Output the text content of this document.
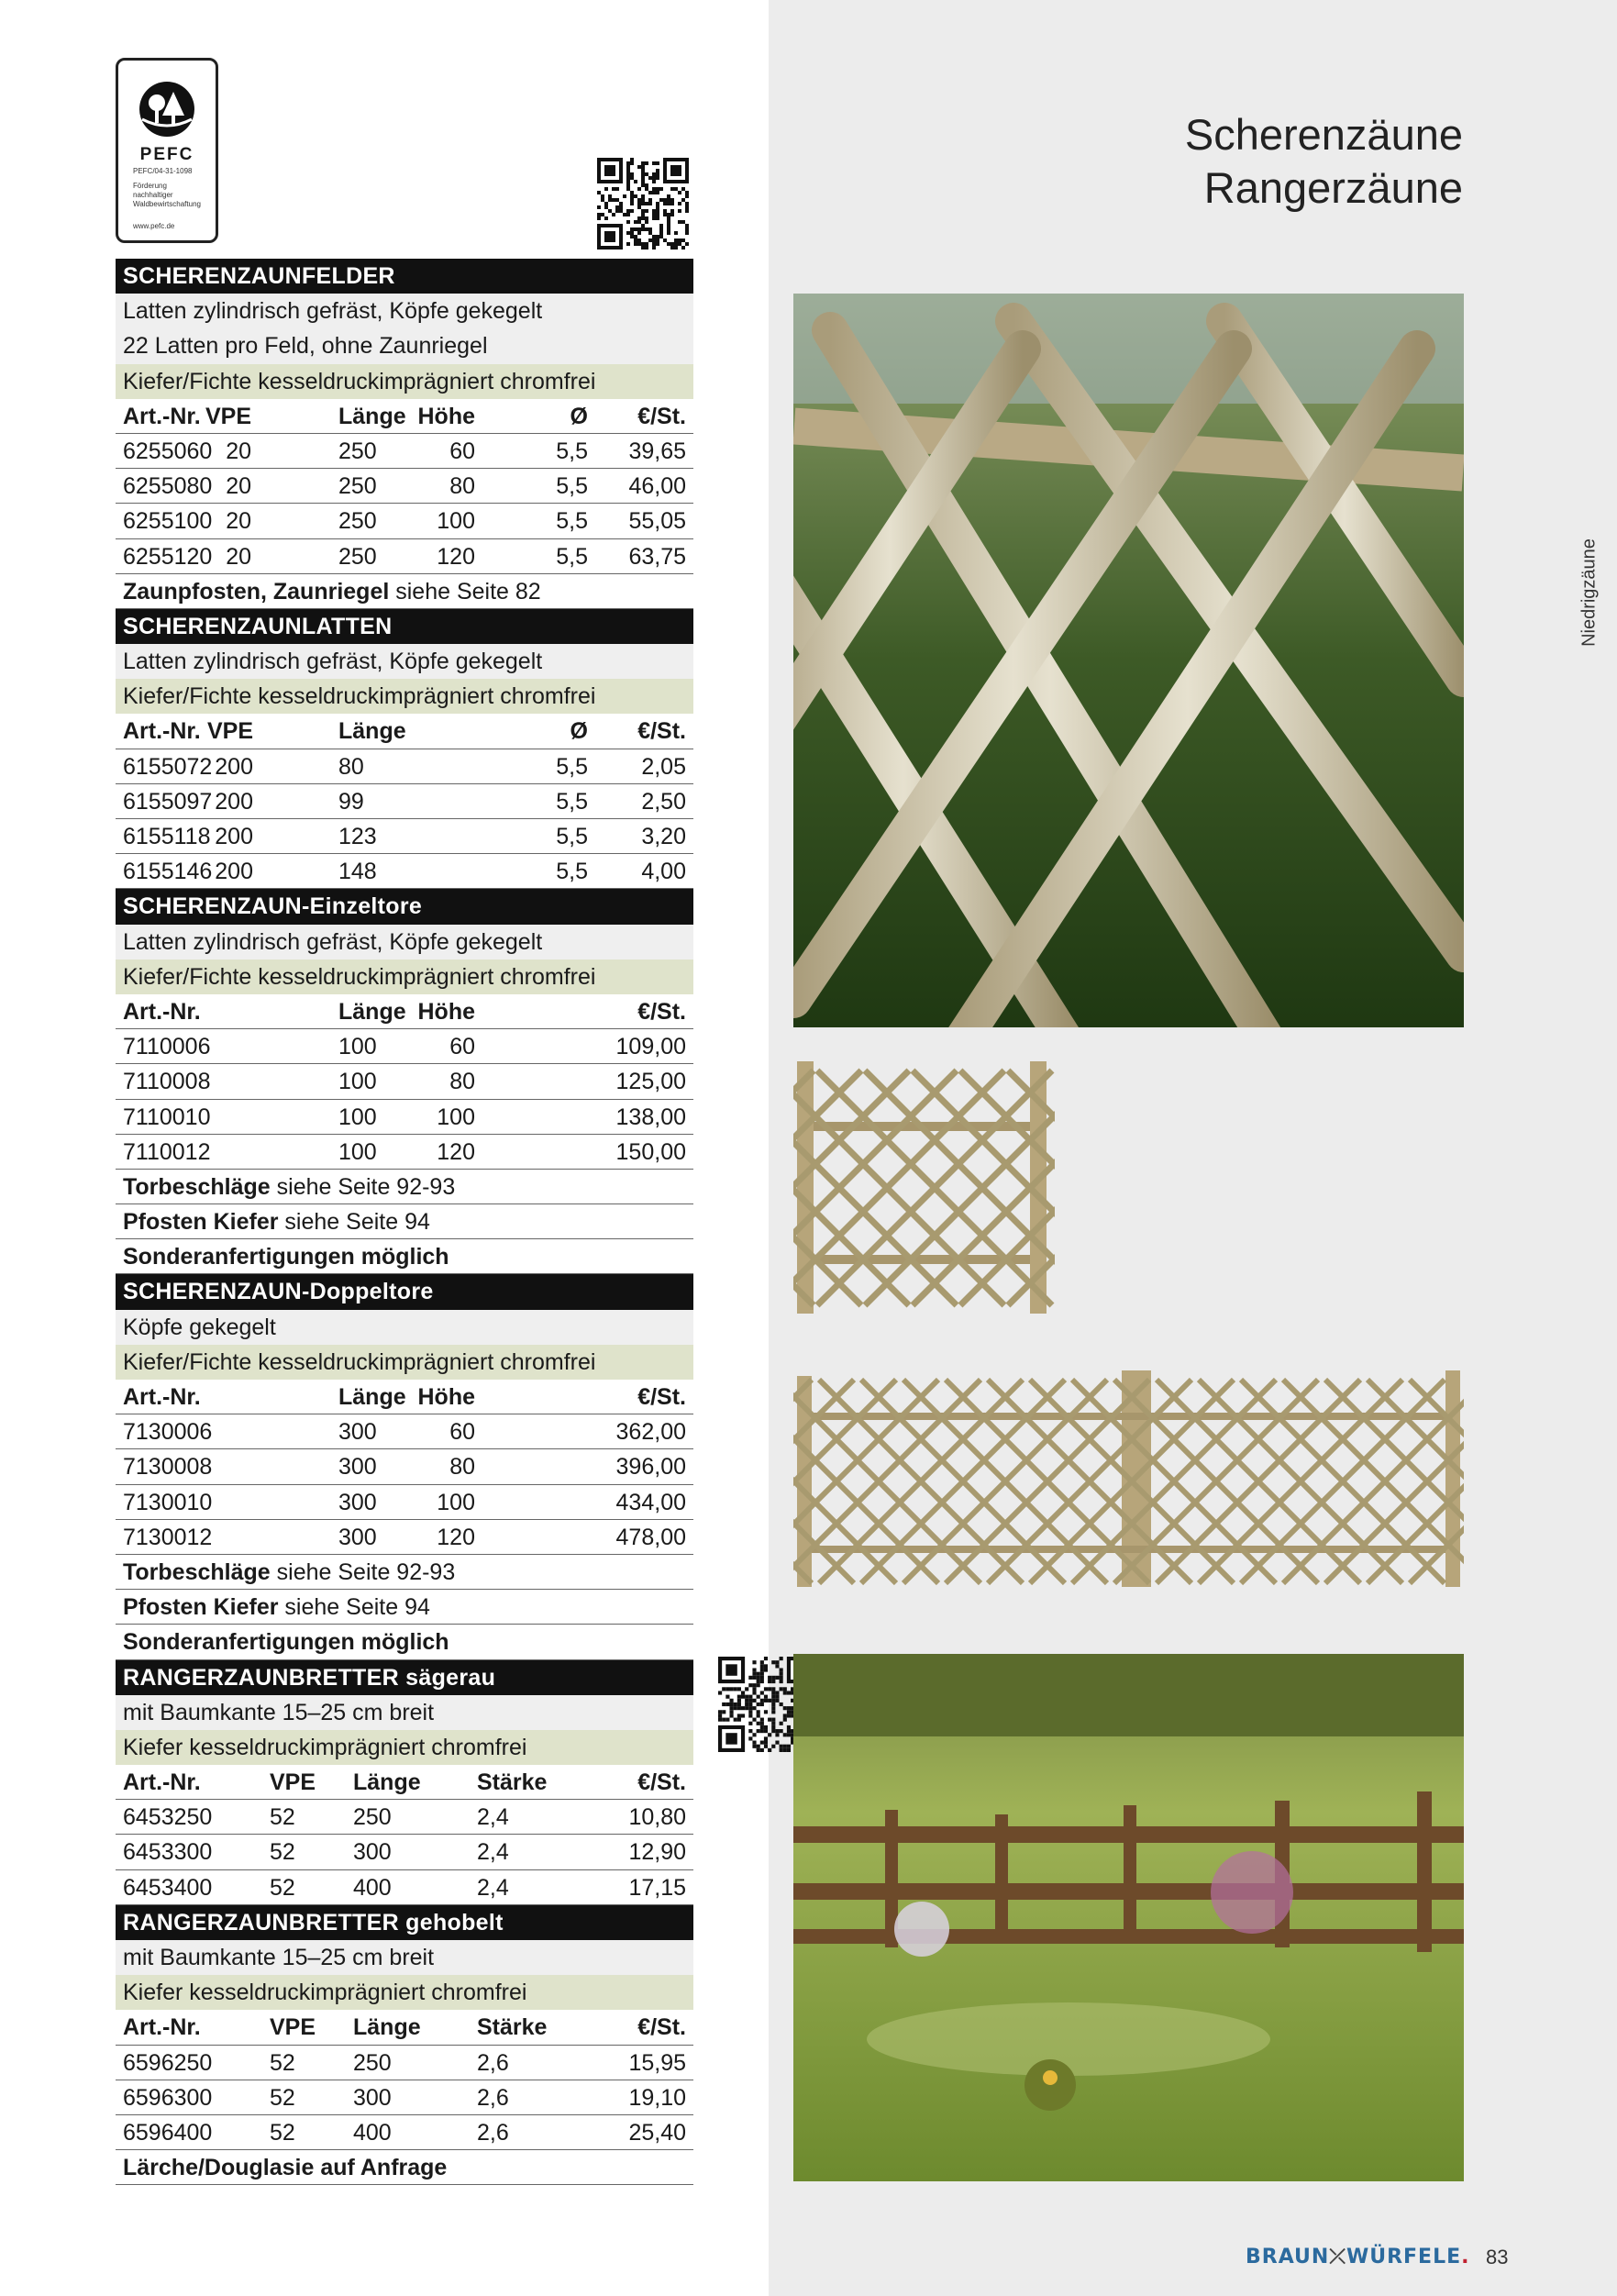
PEFC
PEFC/04-31-1098
Förderung
nachhaltiger
Waldbewirtschaftung
www.pefc.de
Scherenzäune
Rangerzäune
Niedrigzäune
SCHERENZAUNFELDER
Latten zylindrisch gefräst, Köpfe gekegelt
22 Latten pro Feld, ohne Zaunriegel
Kiefer/Fichte kesseldruckimprägniert chromfrei
Art.-Nr. VPE	Länge Höhe	Ø €/St.
6255060 20	250	60	5,5 39,65
6255080 20	250	80	5,5 46,00
6255100 20	250	100	5,5 55,05
6255120 20	250	120	5,5 63,75
Zaunpfosten, Zaunriegel siehe Seite 82
SCHERENZAUNLATTEN
Latten zylindrisch gefräst, Köpfe gekegelt
Kiefer/Fichte kesseldruckimprägniert chromfrei
Art.-Nr. VPE	Länge	Ø €/St.
6155072 200	80	5,5 2,05
6155097 200	99	5,5 2,50
6155118 200	123	5,5 3,20
6155146 200	148	5,5 4,00
SCHERENZAUN-Einzeltore
Latten zylindrisch gefräst, Köpfe gekegelt
Kiefer/Fichte kesseldruckimprägniert chromfrei
Art.-Nr.	Länge Höhe	€/St.
7110006	100	60	109,00
7110008	100	80	125,00
7110010	100	100	138,00
7110012	100	120	150,00
Torbeschläge siehe Seite 92-93
Pfosten Kiefer siehe Seite 94
Sonderanfertigungen möglich
SCHERENZAUN-Doppeltore
Köpfe gekegelt
Kiefer/Fichte kesseldruckimprägniert chromfrei
Art.-Nr.	Länge Höhe	€/St.
7130006	300	60	362,00
7130008	300	80	396,00
7130010	300	100	434,00
7130012	300	120	478,00
Torbeschläge siehe Seite 92-93
Pfosten Kiefer siehe Seite 94
Sonderanfertigungen möglich
RANGERZAUNBRETTER sägerau
mit Baumkante 15–25 cm breit
Kiefer kesseldruckimprägniert chromfrei
Art.-Nr.	VPE Länge Stärke	€/St.
6453250	52	250	2,4	10,80
6453300	52	300	2,4	12,90
6453400	52	400	2,4	17,15
RANGERZAUNBRETTER gehobelt
mit Baumkante 15–25 cm breit
Kiefer kesseldruckimprägniert chromfrei
Art.-Nr.	VPE Länge Stärke	€/St.
6596250	52	250	2,6	15,95
6596300	52	300	2,6	19,10
6596400	52	400	2,6	25,40
Lärche/Douglasie auf Anfrage
BRAUN⤫WÜRFELE. 83
